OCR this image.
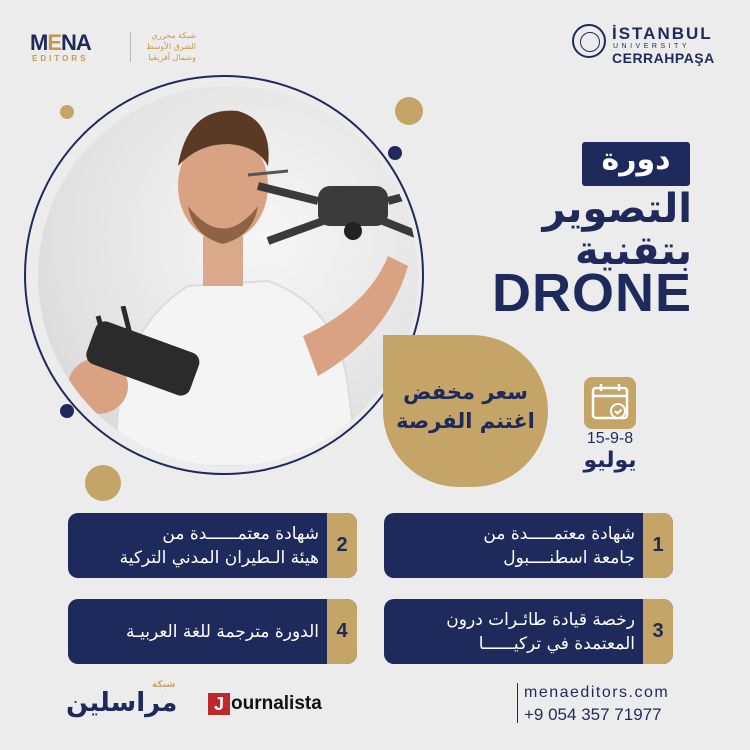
MENA
EDITORS
شبكة محرري
الشرق الأوسط
وشمال أفريقيا
İSTANBUL
UNIVERSITY
CERRAHPAŞA
دورة
التصوير
بتقنية
DRONE
سعر مخفض
اغتنم الفرصة
15-9-8
يوليو
1
شهادة معتمـــــدة من
جامعة اسطنــــبول
2
شهادة معتمــــــدة من
هيئة الـطيران المدني التركية
3
رخصة قيادة طائـرات درون
المعتمدة في تركيــــــا
4
الدورة مترجمة للغة العربيـة
شبكة
مراسلين	J ournalista
menaeditors.com
+9 054 357 71977
